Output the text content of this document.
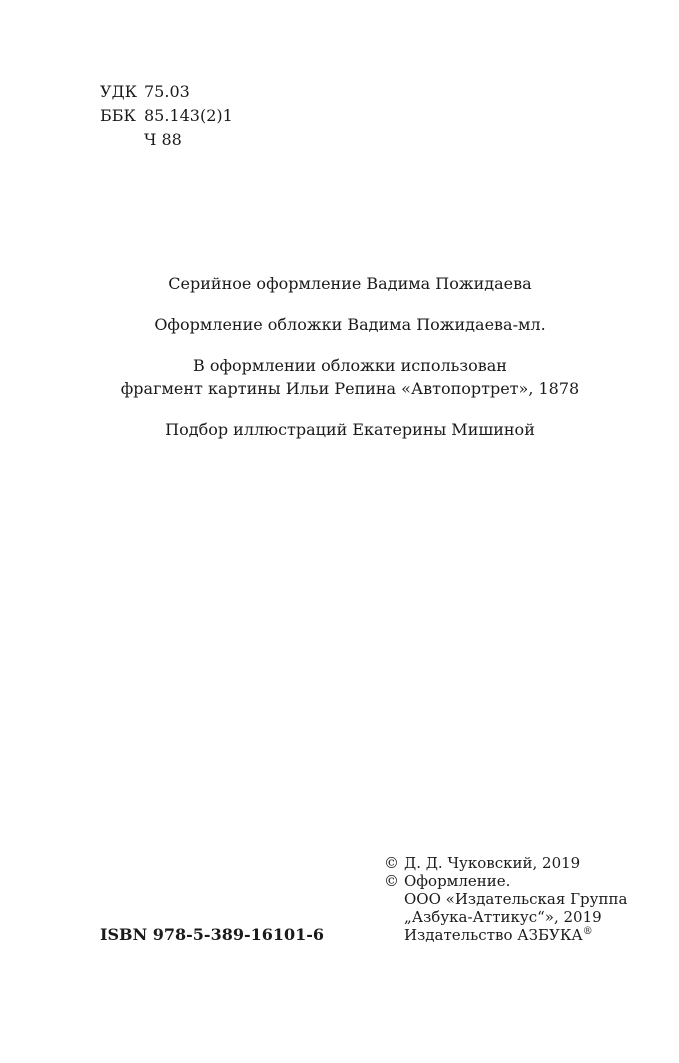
УДК 75.03
ББК 85.143(2)1
Ч 88

Серийное оформление Вадима Пожидаева

Оформление обложки Вадима Пожидаева-мл.

В оформлении обложки использован
фрагмент картины Ильи Репина «Автопортрет», 1878

Подбор иллюстраций Екатерины Мишиной

© Д. Д. Чуковский, 2019
© Оформление.
ООО «Издательская Группа
„Азбука-Аттикус“», 2019
Издательство АЗБУКА®
ISBN 978-5-389-16101-6
